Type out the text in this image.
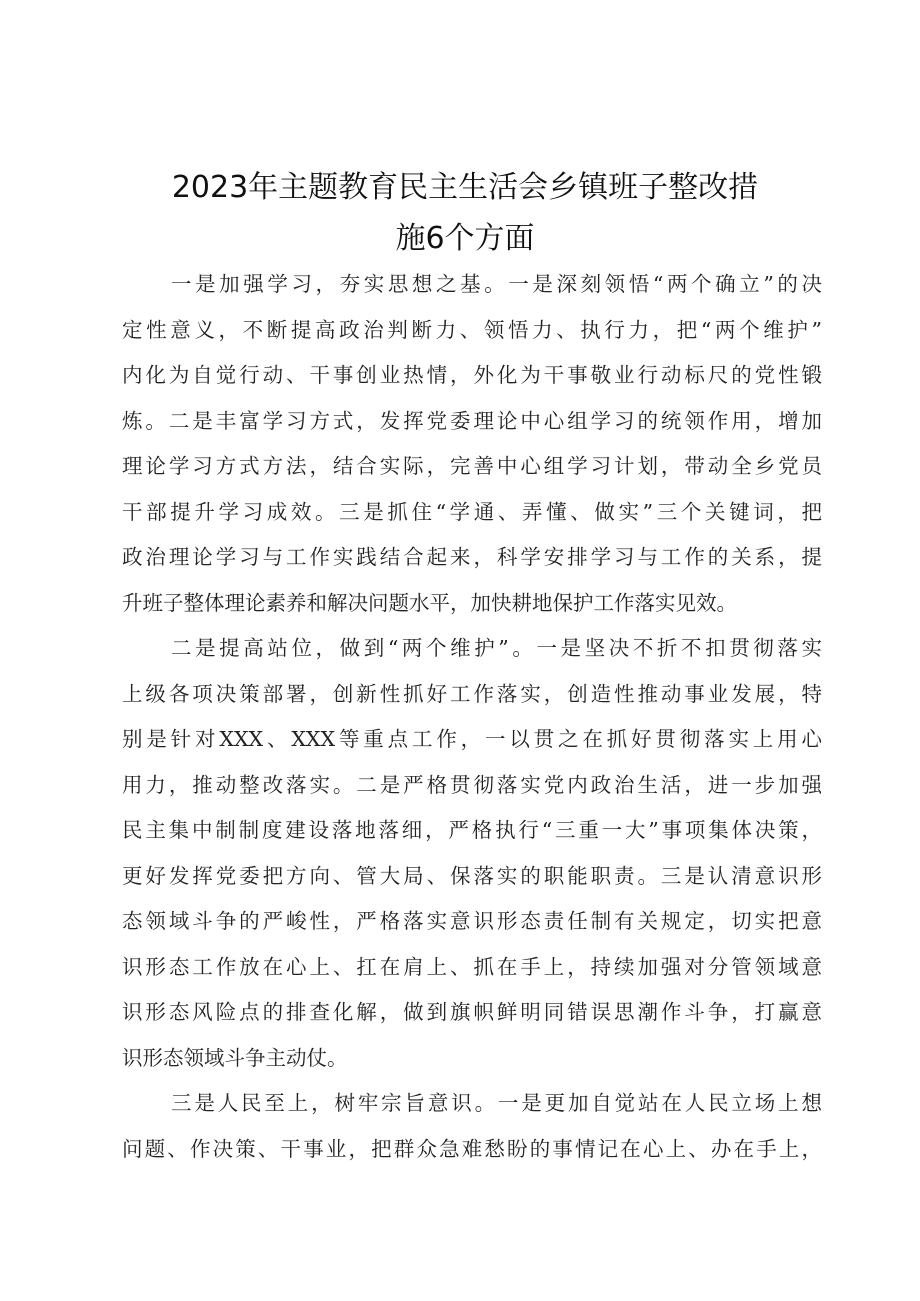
2023年主题教育民主生活会乡镇班子整改措
施6个方面
一是加强学习，夯实思想之基。一是深刻领悟“两个确立”的决
定性意义，不断提高政治判断力、领悟力、执行力，把“两个维护”
内化为自觉行动、干事创业热情，外化为干事敬业行动标尺的党性锻
炼。二是丰富学习方式，发挥党委理论中心组学习的统领作用，增加
理论学习方式方法，结合实际，完善中心组学习计划，带动全乡党员
干部提升学习成效。三是抓住“学通、弄懂、做实”三个关键词，把
政治理论学习与工作实践结合起来，科学安排学习与工作的关系，提
升班子整体理论素养和解决问题水平，加快耕地保护工作落实见效。
二是提高站位，做到“两个维护”。一是坚决不折不扣贯彻落实
上级各项决策部署，创新性抓好工作落实，创造性推动事业发展，特
别是针对XXX、XXX等重点工作，一以贯之在抓好贯彻落实上用心
用力，推动整改落实。二是严格贯彻落实党内政治生活，进一步加强
民主集中制制度建设落地落细，严格执行“三重一大”事项集体决策，
更好发挥党委把方向、管大局、保落实的职能职责。三是认清意识形
态领域斗争的严峻性，严格落实意识形态责任制有关规定，切实把意
识形态工作放在心上、扛在肩上、抓在手上，持续加强对分管领域意
识形态风险点的排查化解，做到旗帜鲜明同错误思潮作斗争，打赢意
识形态领域斗争主动仗。
三是人民至上，树牢宗旨意识。一是更加自觉站在人民立场上想
问题、作决策、干事业，把群众急难愁盼的事情记在心上、办在手上，
